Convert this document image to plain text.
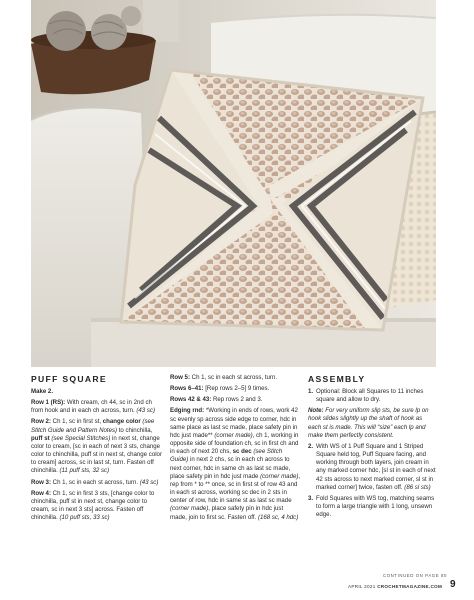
PUFF SQUARE
Make 2.

Row 1 (RS): With cream, ch 44, sc in 2nd ch from hook and in each ch across, turn. (43 sc)

Row 2: Ch 1, sc in first st, change color (see Stitch Guide and Pattern Notes) to chinchilla, puff st (see Special Stitches) in next st, change color to cream, [sc in each of next 3 sts, change color to chinchilla, puff st in next st, change color to cream] across, sc in last st, turn. Fasten off chinchilla. (11 puff sts, 32 sc)

Row 3: Ch 1, sc in each st across, turn. (43 sc)

Row 4: Ch 1, sc in first 3 sts, [change color to chinchilla, puff st in next st, change color to cream, sc in next 3 sts] across. Fasten off chinchilla. (10 puff sts, 33 sc)

Row 5: Ch 1, sc in each st across, turn.

Rows 6–41: [Rep rows 2–5] 9 times.

Rows 42 & 43: Rep rows 2 and 3.

Edging rnd: *Working in ends of rows, work 42 sc evenly sp across side edge to corner, hdc in same place as last sc made, place safety pin in hdc just made** (corner made), ch 1, working in opposite side of foundation ch, sc in first ch and in each of next 20 chs, sc dec (see Stitch Guide) in next 2 chs, sc in each ch across to next corner, hdc in same ch as last sc made, place safety pin in hdc just made (corner made), rep from * to ** once, sc in first st of row 43 and in each st across, working sc dec in 2 sts in center of row, hdc in same st as last sc made (corner made), place safety pin in hdc just made, join to first sc. Fasten off. (168 sc, 4 hdc)

ASSEMBLY
1. Optional: Block all Squares to 11 inches square and allow to dry.

Note: For very uniform slip sts, be sure lp on hook slides slightly up the shaft of hook as each st is made. This will “size” each lp and make them perfectly consistent.

2. With WS of 1 Puff Square and 1 Striped Square held tog, Puff Square facing, and working through both layers, join cream in any marked corner hdc, [sl st in each of next 42 sts across to next marked corner, sl st in marked corner] twice, fasten off. (86 sl sts)
3. Fold Squares with WS tog, matching seams to form a large triangle with 1 long, unsewn edge.
CONTINUED ON PAGE 80
APRIL 2021 CROCHETMAGAZINE.COM 9
